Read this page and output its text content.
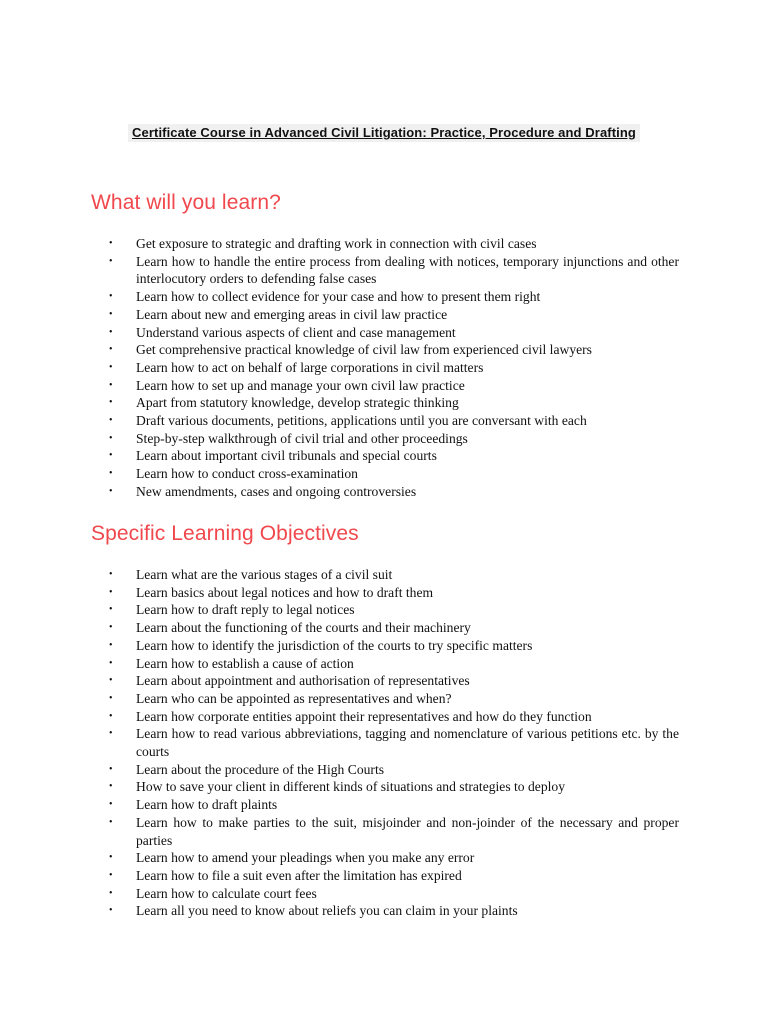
Certificate Course in Advanced Civil Litigation: Practice, Procedure and Drafting
What will you learn?
• Get exposure to strategic and drafting work in connection with civil cases
• Learn how to handle the entire process from dealing with notices, temporary injunctions and other interlocutory orders to defending false cases
• Learn how to collect evidence for your case and how to present them right
• Learn about new and emerging areas in civil law practice
• Understand various aspects of client and case management
• Get comprehensive practical knowledge of civil law from experienced civil lawyers
• Learn how to act on behalf of large corporations in civil matters
• Learn how to set up and manage your own civil law practice
• Apart from statutory knowledge, develop strategic thinking
• Draft various documents, petitions, applications until you are conversant with each
• Step-by-step walkthrough of civil trial and other proceedings
• Learn about important civil tribunals and special courts
• Learn how to conduct cross-examination
• New amendments, cases and ongoing controversies
Specific Learning Objectives
• Learn what are the various stages of a civil suit
• Learn basics about legal notices and how to draft them
• Learn how to draft reply to legal notices
• Learn about the functioning of the courts and their machinery
• Learn how to identify the jurisdiction of the courts to try specific matters
• Learn how to establish a cause of action
• Learn about appointment and authorisation of representatives
• Learn who can be appointed as representatives and when?
• Learn how corporate entities appoint their representatives and how do they function
• Learn how to read various abbreviations, tagging and nomenclature of various petitions etc. by the courts
• Learn about the procedure of the High Courts
• How to save your client in different kinds of situations and strategies to deploy
• Learn how to draft plaints
• Learn how to make parties to the suit, misjoinder and non-joinder of the necessary and proper parties
• Learn how to amend your pleadings when you make any error
• Learn how to file a suit even after the limitation has expired
• Learn how to calculate court fees
• Learn all you need to know about reliefs you can claim in your plaints
